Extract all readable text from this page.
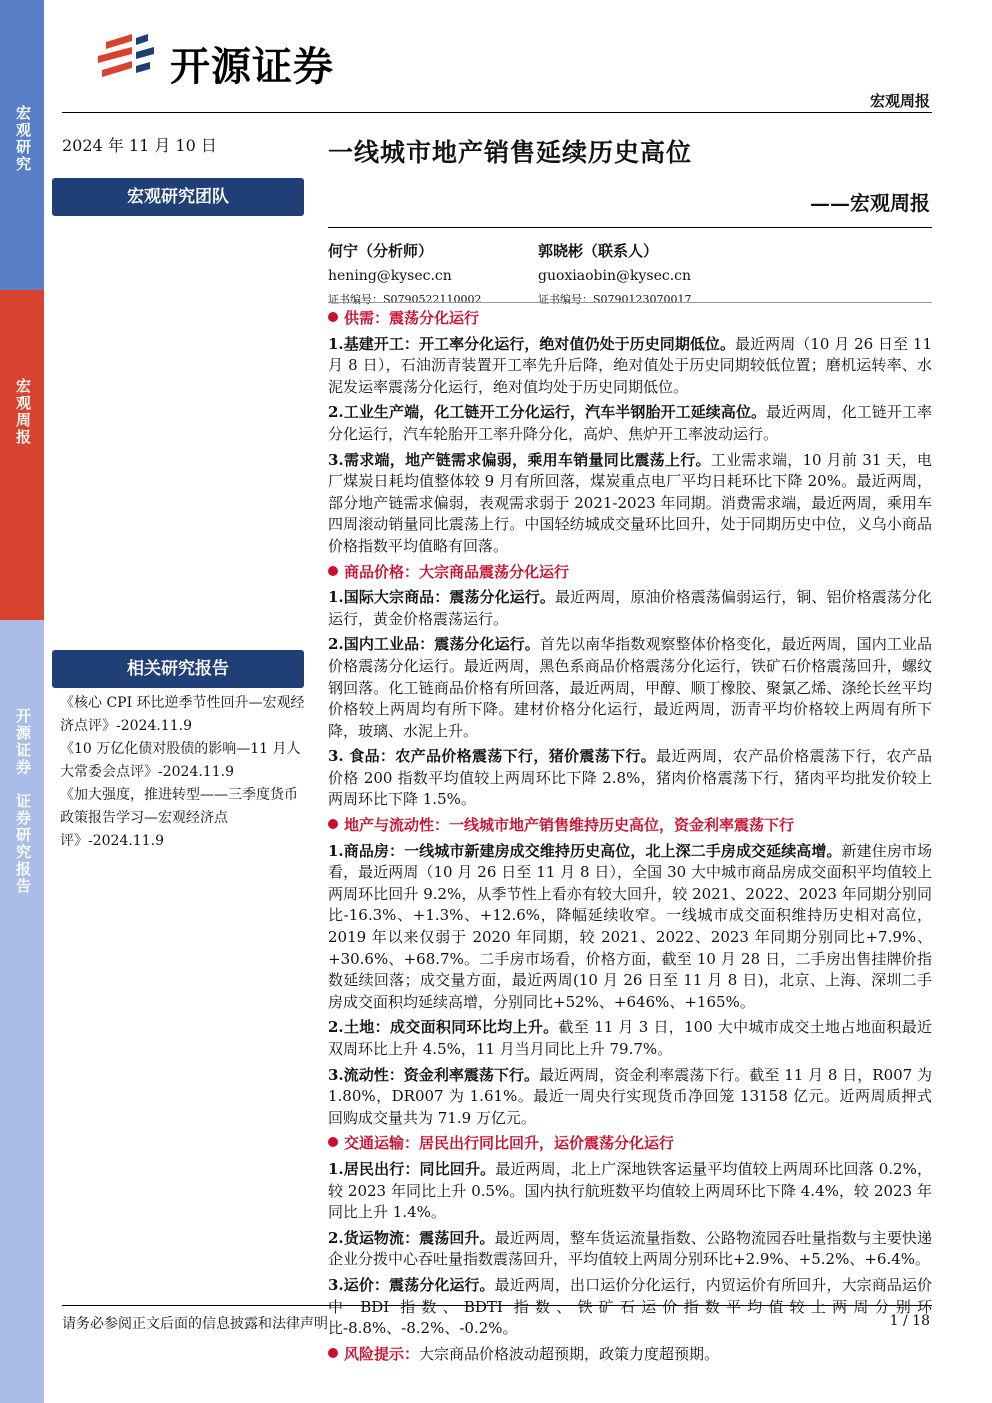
宏观研究
宏观周报
开源证券　证券研究报告
开源证券
宏观周报
2024 年 11 月 10 日	一线城市地产销售延续历史高位
——宏观周报
宏观研究团队
何宁（分析师）
hening@kysec.cn
证书编号：S0790522110002
郭晓彬（联系人）
guoxiaobin@kysec.cn
证书编号：S0790123070017
相关研究报告

《核心 CPI 环比逆季节性回升—宏观经济点评》-2024.11.9

《10 万亿化债对股债的影响—11 月人大常委会点评》-2024.11.9

《加大强度，推进转型——三季度货币政策报告学习—宏观经济点评》-2024.11.9

供需：震荡分化运行

1.基建开工：开工率分化运行，绝对值仍处于历史同期低位。最近两周（10 月 26 日至 11 月 8 日），石油沥青装置开工率先升后降，绝对值处于历史同期较低位置；磨机运转率、水泥发运率震荡分化运行，绝对值均处于历史同期低位。

2.工业生产端，化工链开工分化运行，汽车半钢胎开工延续高位。最近两周，化工链开工率分化运行，汽车轮胎开工率升降分化，高炉、焦炉开工率波动运行。

3.需求端，地产链需求偏弱，乘用车销量同比震荡上行。工业需求端，10 月前 31 天，电厂煤炭日耗均值整体较 9 月有所回落，煤炭重点电厂平均日耗环比下降 20%。最近两周，部分地产链需求偏弱，表观需求弱于 2021-2023 年同期。消费需求端，最近两周，乘用车四周滚动销量同比震荡上行。中国轻纺城成交量环比回升，处于同期历史中位，义乌小商品价格指数平均值略有回落。

商品价格：大宗商品震荡分化运行

1.国际大宗商品：震荡分化运行。最近两周，原油价格震荡偏弱运行，铜、铝价格震荡分化运行，黄金价格震荡运行。

2.国内工业品：震荡分化运行。首先以南华指数观察整体价格变化，最近两周，国内工业品价格震荡分化运行。最近两周，黑色系商品价格震荡分化运行，铁矿石价格震荡回升，螺纹钢回落。化工链商品价格有所回落，最近两周，甲醇、顺丁橡胶、聚氯乙烯、涤纶长丝平均价格较上两周均有所下降。建材价格分化运行，最近两周，沥青平均价格较上两周有所下降，玻璃、水泥上升。

3. 食品：农产品价格震荡下行，猪价震荡下行。最近两周，农产品价格震荡下行，农产品价格 200 指数平均值较上两周环比下降 2.8%，猪肉价格震荡下行，猪肉平均批发价较上两周环比下降 1.5%。

地产与流动性：一线城市地产销售维持历史高位，资金利率震荡下行

1.商品房：一线城市新建房成交维持历史高位，北上深二手房成交延续高增。新建住房市场看，最近两周（10 月 26 日至 11 月 8 日），全国 30 大中城市商品房成交面积平均值较上两周环比回升 9.2%，从季节性上看亦有较大回升，较 2021、2022、2023 年同期分别同比-16.3%、+1.3%、+12.6%，降幅延续收窄。一线城市成交面积维持历史相对高位，2019 年以来仅弱于 2020 年同期，较 2021、2022、2023 年同期分别同比+7.9%、+30.6%、+68.7%。二手房市场看，价格方面，截至 10 月 28 日，二手房出售挂牌价指数延续回落；成交量方面，最近两周(10 月 26 日至 11 月 8 日)，北京、上海、深圳二手房成交面积均延续高增，分别同比+52%、+646%、+165%。

2.土地：成交面积同环比均上升。截至 11 月 3 日，100 大中城市成交土地占地面积最近双周环比上升 4.5%，11 月当月同比上升 79.7%。

3.流动性：资金利率震荡下行。最近两周，资金利率震荡下行。截至 11 月 8 日，R007 为 1.80%，DR007 为 1.61%。最近一周央行实现货币净回笼 13158 亿元。近两周质押式回购成交量共为 71.9 万亿元。

交通运输：居民出行同比回升，运价震荡分化运行

1.居民出行：同比回升。最近两周，北上广深地铁客运量平均值较上两周环比回落 0.2%，较 2023 年同比上升 0.5%。国内执行航班数平均值较上两周环比下降 4.4%，较 2023 年同比上升 1.4%。

2.货运物流：震荡回升。最近两周，整车货运流量指数、公路物流园吞吐量指数与主要快递企业分拨中心吞吐量指数震荡回升，平均值较上两周分别环比+2.9%、+5.2%、+6.4%。

3.运价：震荡分化运行。最近两周，出口运价分化运行，内贸运价有所回升，大宗商品运价中 BDI 指数、BDTI 指数、铁矿石运价指数平均值较上两周分别环比-8.8%、-8.2%、-0.2%。

风险提示：大宗商品价格波动超预期，政策力度超预期。

请务必参阅正文后面的信息披露和法律声明	1 / 18
